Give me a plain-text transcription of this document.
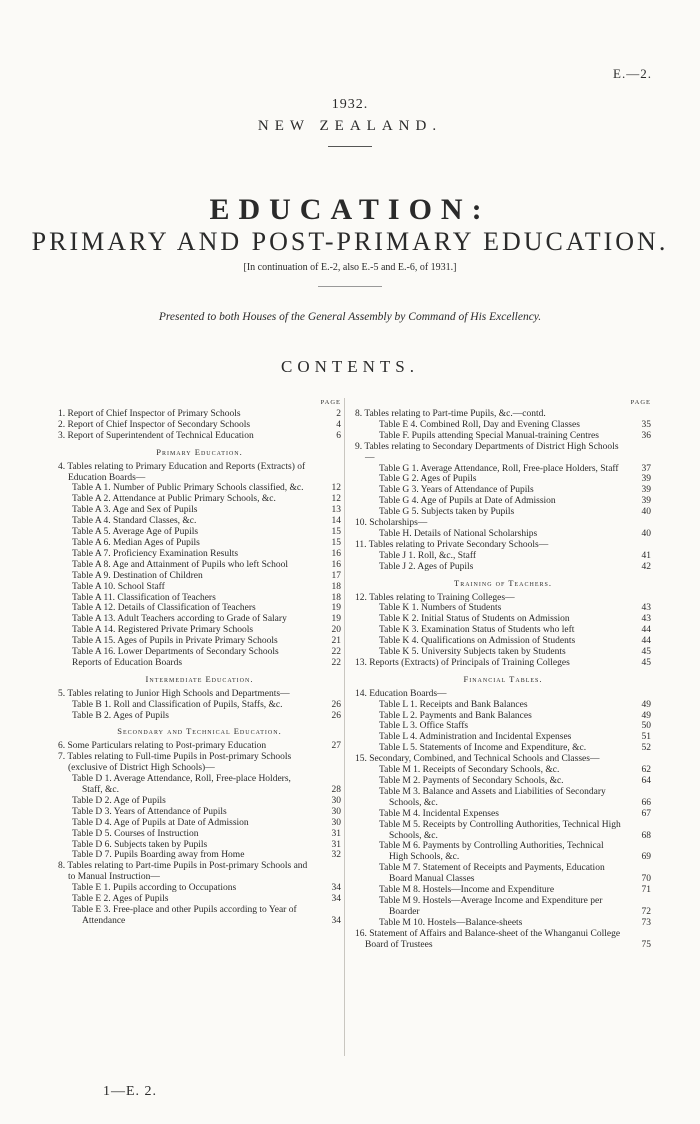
E.—2.
1932.
NEW ZEALAND.
EDUCATION:
PRIMARY AND POST-PRIMARY EDUCATION.
[In continuation of E.-2, also E.-5 and E.-6, of 1931.]
Presented to both Houses of the General Assembly by Command of His Excellency.
CONTENTS.
PAGE
1. Report of Chief Inspector of Primary Schools	2
2. Report of Chief Inspector of Secondary Schools	4
3. Report of Superintendent of Technical Education	6
Primary Education.
4. Tables relating to Primary Education and Reports (Extracts) of Education Boards—
Table A 1. Number of Public Primary Schools classified, &c.	12
Table A 2. Attendance at Public Primary Schools, &c.	12
Table A 3. Age and Sex of Pupils	13
Table A 4. Standard Classes, &c.	14
Table A 5. Average Age of Pupils	15
Table A 6. Median Ages of Pupils	15
Table A 7. Proficiency Examination Results	16
Table A 8. Age and Attainment of Pupils who left School	16
Table A 9. Destination of Children	17
Table A 10. School Staff	18
Table A 11. Classification of Teachers	18
Table A 12. Details of Classification of Teachers	19
Table A 13. Adult Teachers according to Grade of Salary	19
Table A 14. Registered Private Primary Schools	20
Table A 15. Ages of Pupils in Private Primary Schools	21
Table A 16. Lower Departments of Secondary Schools	22
Reports of Education Boards	22
Intermediate Education.
5. Tables relating to Junior High Schools and Departments—
Table B 1. Roll and Classification of Pupils, Staffs, &c.	26
Table B 2. Ages of Pupils	26
Secondary and Technical Education.
6. Some Particulars relating to Post-primary Education	27
7. Tables relating to Full-time Pupils in Post-primary Schools (exclusive of District High Schools)—
Table D 1. Average Attendance, Roll, Free-place Holders, Staff, &c.	28
Table D 2. Age of Pupils	30
Table D 3. Years of Attendance of Pupils	30
Table D 4. Age of Pupils at Date of Admission	30
Table D 5. Courses of Instruction	31
Table D 6. Subjects taken by Pupils	31
Table D 7. Pupils Boarding away from Home	32
8. Tables relating to Part-time Pupils in Post-primary Schools and to Manual Instruction—
Table E 1. Pupils according to Occupations	34
Table E 2. Ages of Pupils	34
Table E 3. Free-place and other Pupils according to Year of Attendance	34
PAGE
8. Tables relating to Part-time Pupils, &c.—contd.
Table E 4. Combined Roll, Day and Evening Classes	35
Table F. Pupils attending Special Manual-training Centres	36
9. Tables relating to Secondary Departments of District High Schools—
Table G 1. Average Attendance, Roll, Free-place Holders, Staff	37
Table G 2. Ages of Pupils	39
Table G 3. Years of Attendance of Pupils	39
Table G 4. Age of Pupils at Date of Admission	39
Table G 5. Subjects taken by Pupils	40
10. Scholarships—
Table H. Details of National Scholarships	40
11. Tables relating to Private Secondary Schools—
Table J 1. Roll, &c., Staff	41
Table J 2. Ages of Pupils	42
Training of Teachers.
12. Tables relating to Training Colleges—
Table K 1. Numbers of Students	43
Table K 2. Initial Status of Students on Admission	43
Table K 3. Examination Status of Students who left	44
Table K 4. Qualifications on Admission of Students	44
Table K 5. University Subjects taken by Students	45
13. Reports (Extracts) of Principals of Training Colleges	45
Financial Tables.
14. Education Boards—
Table L 1. Receipts and Bank Balances	49
Table L 2. Payments and Bank Balances	49
Table L 3. Office Staffs	50
Table L 4. Administration and Incidental Expenses	51
Table L 5. Statements of Income and Expenditure, &c.	52
15. Secondary, Combined, and Technical Schools and Classes—
Table M 1. Receipts of Secondary Schools, &c.	62
Table M 2. Payments of Secondary Schools, &c.	64
Table M 3. Balance and Assets and Liabilities of Secondary Schools, &c.	66
Table M 4. Incidental Expenses	67
Table M 5. Receipts by Controlling Authorities, Technical High Schools, &c.	68
Table M 6. Payments by Controlling Authorities, Technical High Schools, &c.	69
Table M 7. Statement of Receipts and Payments, Education Board Manual Classes	70
Table M 8. Hostels—Income and Expenditure	71
Table M 9. Hostels—Average Income and Expenditure per Boarder	72
Table M 10. Hostels—Balance-sheets	73
16. Statement of Affairs and Balance-sheet of the Whanganui College Board of Trustees	75
1—E. 2.
